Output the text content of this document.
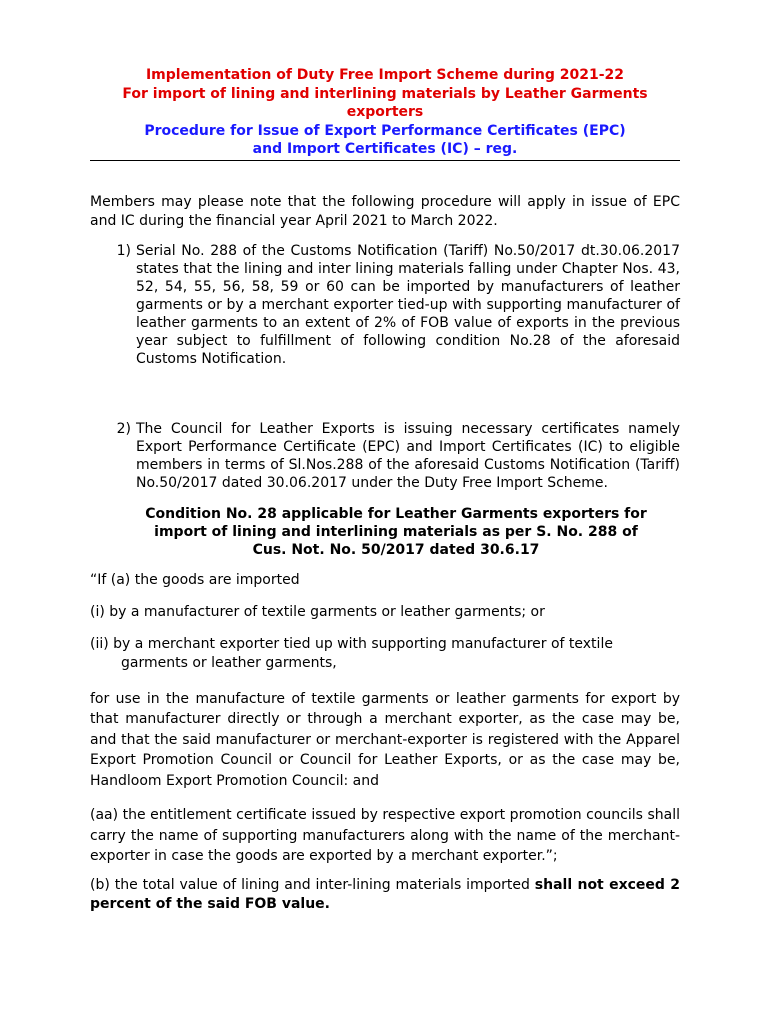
Implementation of Duty Free Import Scheme during 2021-22
For import of lining and interlining materials by Leather Garments
exporters
Procedure for Issue of Export Performance Certificates (EPC)
and Import Certificates (IC) – reg.

Members may please note that the following procedure will apply in issue of EPC and IC during the financial year April 2021 to March 2022.

1) Serial No. 288 of the Customs Notification (Tariff) No.50/2017 dt.30.06.2017 states that the lining and inter lining materials falling under Chapter Nos. 43, 52, 54, 55, 56, 58, 59 or 60 can be imported by manufacturers of leather garments or by a merchant exporter tied-up with supporting manufacturer of leather garments to an extent of 2% of FOB value of exports in the previous year subject to fulfillment of following condition No.28 of the aforesaid Customs Notification.
2) The Council for Leather Exports is issuing necessary certificates namely Export Performance Certificate (EPC) and Import Certificates (IC) to eligible members in terms of Sl.Nos.288 of the aforesaid Customs Notification (Tariff) No.50/2017 dated 30.06.2017 under the Duty Free Import Scheme.
Condition No. 28 applicable for Leather Garments exporters for
import of lining and interlining materials as per S. No. 288 of
Cus. Not. No. 50/2017 dated 30.6.17

“If (a) the goods are imported

(i) by a manufacturer of textile garments or leather garments; or

(ii) by a merchant exporter tied up with supporting manufacturer of textile garments or leather garments,

for use in the manufacture of textile garments or leather garments for export by that manufacturer directly or through a merchant exporter, as the case may be, and that the said manufacturer or merchant-exporter is registered with the Apparel Export Promotion Council or Council for Leather Exports, or as the case may be, Handloom Export Promotion Council: and

(aa) the entitlement certificate issued by respective export promotion councils shall carry the name of supporting manufacturers along with the name of the merchant- exporter in case the goods are exported by a merchant exporter.”;

(b) the total value of lining and inter-lining materials imported shall not exceed 2 percent of the said FOB value.
